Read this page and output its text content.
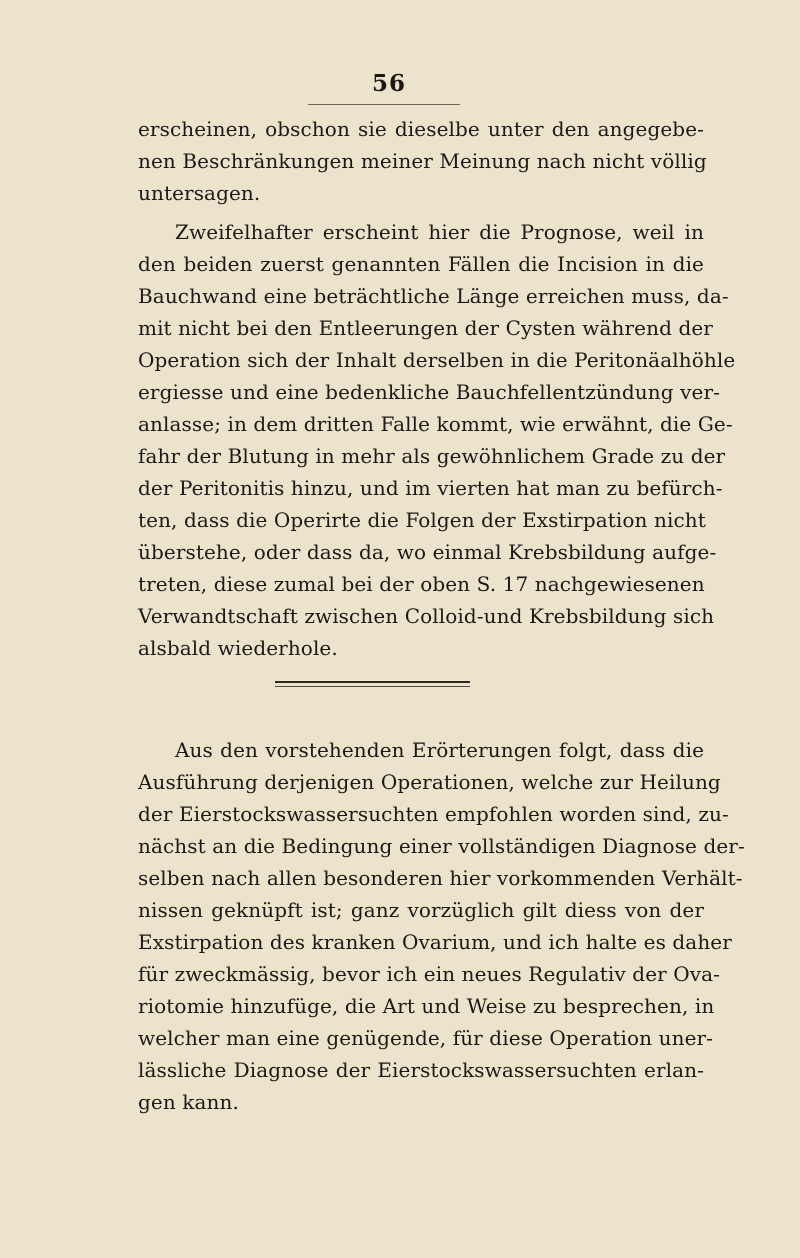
56
erscheinen, obschon sie dieselbe unter den angegebe-
nen Beschränkungen meiner Meinung nach nicht völlig
untersagen.
Zweifelhafter erscheint hier die Prognose, weil in
den beiden zuerst genannten Fällen die Incision in die
Bauchwand eine beträchtliche Länge erreichen muss, da-
mit nicht bei den Entleerungen der Cysten während der
Operation sich der Inhalt derselben in die Peritonäalhöhle
ergiesse und eine bedenkliche Bauchfellentzündung ver-
anlasse; in dem dritten Falle kommt, wie erwähnt, die Ge-
fahr der Blutung in mehr als gewöhnlichem Grade zu der
der Peritonitis hinzu, und im vierten hat man zu befürch-
ten, dass die Operirte die Folgen der Exstirpation nicht
überstehe, oder dass da, wo einmal Krebsbildung aufge-
treten, diese zumal bei der oben S. 17 nachgewiesenen
Verwandtschaft zwischen Colloid-und Krebsbildung sich
alsbald wiederhole.
Aus den vorstehenden Erörterungen folgt, dass die
Ausführung derjenigen Operationen, welche zur Heilung
der Eierstockswassersuchten empfohlen worden sind, zu-
nächst an die Bedingung einer vollständigen Diagnose der-
selben nach allen besonderen hier vorkommenden Verhält-
nissen geknüpft ist; ganz vorzüglich gilt diess von der
Exstirpation des kranken Ovarium, und ich halte es daher
für zweckmässig, bevor ich ein neues Regulativ der Ova-
riotomie hinzufüge, die Art und Weise zu besprechen, in
welcher man eine genügende, für diese Operation uner-
lässliche Diagnose der Eierstockswassersuchten erlan-
gen kann.
